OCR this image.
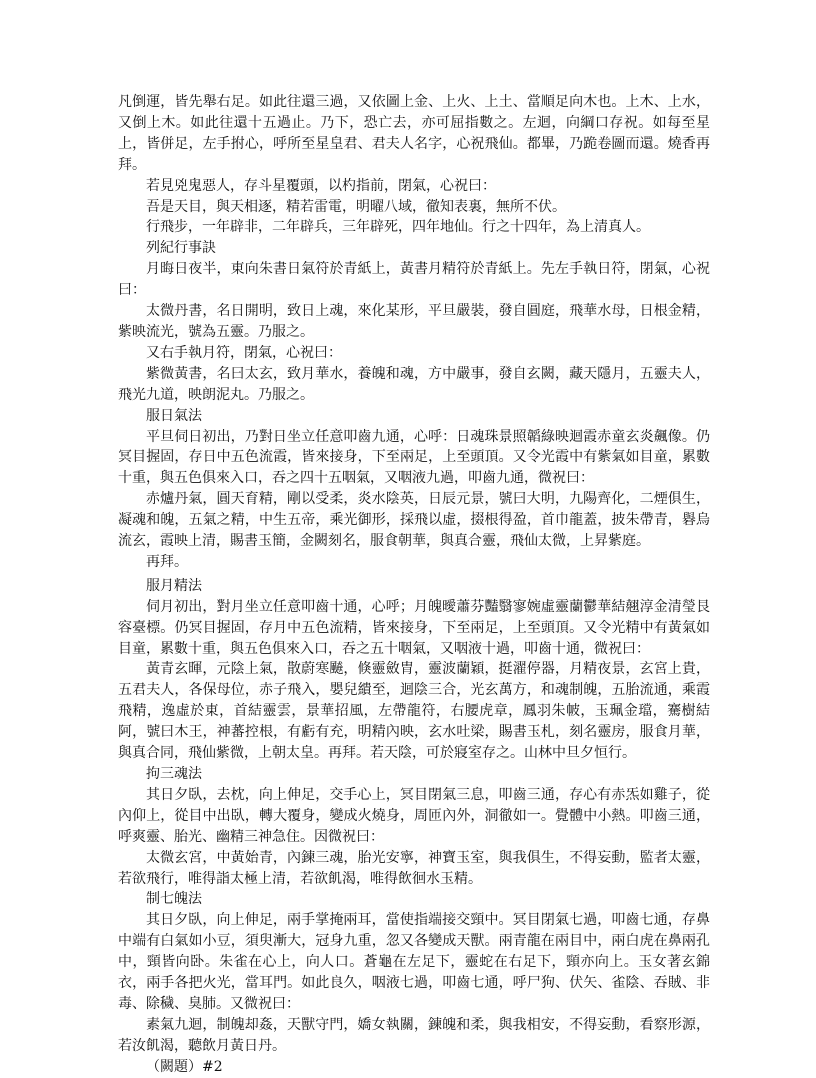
凡倒運，皆先舉右足。如此往還三過，又依圖上金、上火、上土、當順足向木也。上木、上水，又倒上木。如此往還十五過止。乃下，恐亡去，亦可屈指數之。左迴，向綱口存祝。如每至星上，皆併足，左手拊心，呼所至星皇君、君夫人名字，心祝飛仙。都畢，乃跪卷圖而還。燒香再拜。

若見兇鬼惡人，存斗星覆頭，以杓指前，閉氣，心祝曰：

吾是天目，與天相逐，精若雷電，明曜八域，徹知表裏，無所不伏。

行飛步，一年辟非，二年辟兵，三年辟死，四年地仙。行之十四年，為上清真人。

列紀行事訣

月晦日夜半，東向朱書日氣符於青紙上，黃書月精符於青紙上。先左手執日符，閉氣，心祝曰：

太微丹書，名日開明，致日上魂，來化某形，平旦嚴裝，發自圓庭，飛華水母，日根金精，紫映流光，號為五靈。乃服之。

又右手執月符，閉氣，心祝曰：

紫微黃書，名曰太玄，致月華水，養魄和魂，方中嚴事，發自玄闕，藏天隱月，五靈夫人，飛光九道，映朗泥丸。乃服之。

服日氣法

平旦伺日初出，乃對日坐立任意叩齒九通，心呼：日魂珠景照韜綠映迴霞赤童玄炎飆像。仍冥目握固，存日中五色流霞，皆來接身，下至兩足，上至頭頂。又令光霞中有紫氣如目童，累數十重，與五色俱來入口，吞之四十五咽氣，又咽液九過，叩齒九通，微祝曰：

赤爐丹氣，圓天育精，剛以受柔，炎水陰英，日辰元景，號曰大明，九陽齊化，二煙俱生，凝魂和魄，五氣之精，中生五帝，乘光御形，採飛以虛，掇根得盈，首巾龍蓋，披朱帶青，礜烏流玄，霞映上清，賜書玉簡，金闕刻名，服食朝華，與真合靈，飛仙太微，上昇紫庭。

再拜。

服月精法

伺月初出，對月坐立任意叩齒十通，心呼；月魄曖蕭芬豔翳寥婉虛靈蘭鬱華結翹淳金清瑩艮容臺標。仍冥目握固，存月中五色流精，皆來接身，下至兩足，上至頭頂。又令光精中有黃氣如目童，累數十重，與五色俱來入口，吞之五十咽氣，又咽液十過，叩齒十通，微祝曰：

黃青玄暉，元陰上氣，散蔚寒飇，倏靈斂胄，靈波蘭穎，挺濯停器，月精夜景，玄宮上貴，五君夫人，各保母位，赤子飛入，嬰兒繢至，迴陰三合，光玄萬方，和魂制魄，五胎流通，乘霞飛精，逸虛於東，首結靈雲，景華招風，左帶龍符，右腰虎章，鳳羽朱帔，玉珮金璫，騫樹結阿，號曰木王，神蕃控根，有虧有充，明精內映，玄水吐梁，賜書玉札，刻名靈房，服食月華，與真合同，飛仙紫微，上朝太皇。再拜。若天陰，可於寢室存之。山林中旦夕恒行。

拘三魂法

其日夕臥，去枕，向上伸足，交手心上，冥目閉氣三息，叩齒三通，存心有赤炁如雞子，從內仰上，從目中出臥，轉大覆身，變成火燒身，周匝內外，洞徹如一。覺體中小熱。叩齒三通，呼爽靈、胎光、幽精三神急住。因微祝曰：

太微玄宮，中黃始青，內鍊三魂，胎光安寧，神寶玉室，與我俱生，不得妄動，監者太靈，若欲飛行，唯得詣太極上清，若欲飢渴，唯得飲徊水玉精。

制七魄法

其日夕臥，向上伸足，兩手掌掩兩耳，當使指端接交頸中。冥目閉氣七過，叩齒七通，存鼻中端有白氣如小豆，須臾漸大，冠身九重，忽又各變成天獸。兩青龍在兩目中，兩白虎在鼻兩孔中，頸皆向卧。朱雀在心上，向人口。蒼龜在左足下，靈蛇在右足下，頸亦向上。玉女著玄錦衣，兩手各把火光，當耳門。如此良久，咽液七過，叩齒七通，呼尸狗、伏矢、雀陰、吞賊、非毒、除穢、臭肺。又微祝曰：

素氣九迴，制魄却姦，天獸守門，嬌女執關，鍊魄和柔，與我相安，不得妄動，看察形源，若汝飢渴，聽飲月黃日丹。

（闕題）#2
